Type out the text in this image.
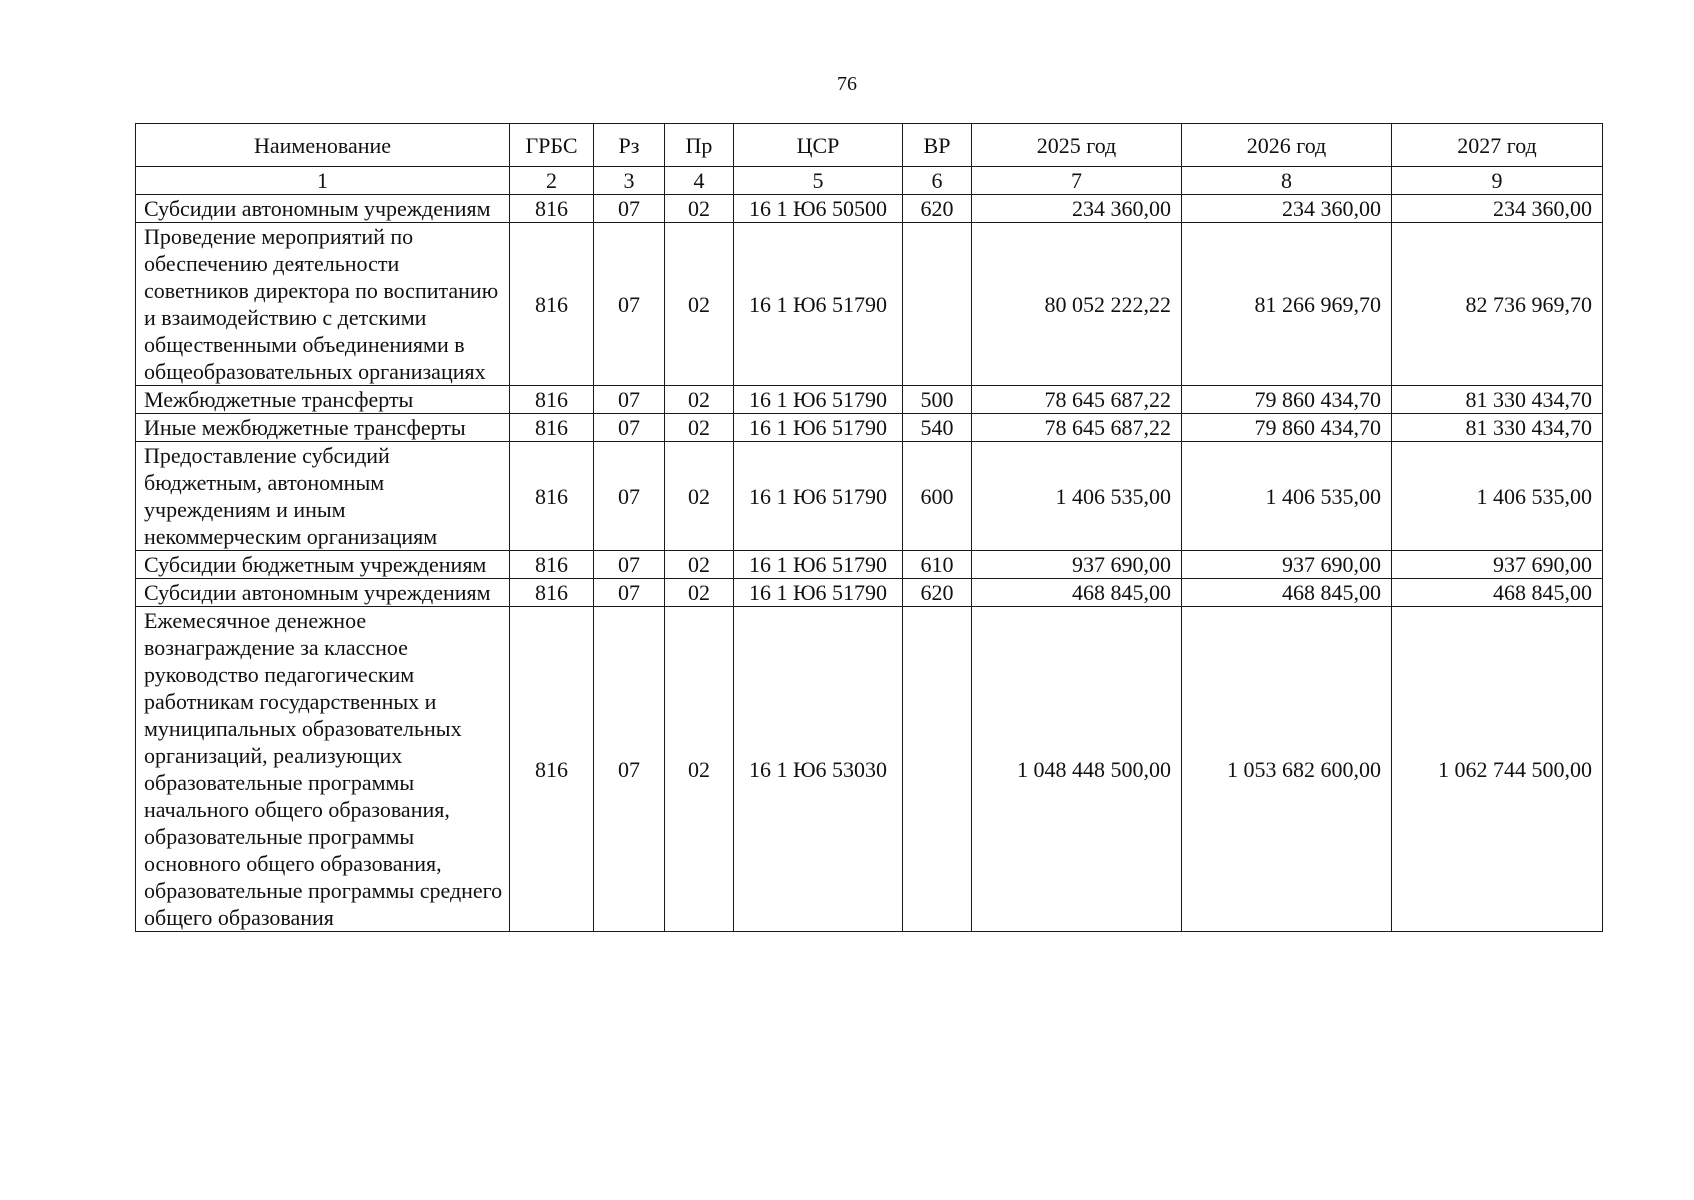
76
Наименование	ГРБС	Рз	Пр	ЦСР	ВР	2025 год	2026 год	2027 год
1	2	3	4	5	6	7	8	9
Субсидии автономным учреждениям	816	07	02	16 1 Ю6 50500	620	234 360,00	234 360,00	234 360,00
Проведение мероприятий по обеспечению деятельности советников директора по воспитанию и взаимодействию с детскими общественными объединениями в общеобразовательных организациях	816	07	02	16 1 Ю6 51790		80 052 222,22	81 266 969,70	82 736 969,70
Межбюджетные трансферты	816	07	02	16 1 Ю6 51790	500	78 645 687,22	79 860 434,70	81 330 434,70
Иные межбюджетные трансферты	816	07	02	16 1 Ю6 51790	540	78 645 687,22	79 860 434,70	81 330 434,70
Предоставление субсидий бюджетным, автономным учреждениям и иным некоммерческим организациям	816	07	02	16 1 Ю6 51790	600	1 406 535,00	1 406 535,00	1 406 535,00
Субсидии бюджетным учреждениям	816	07	02	16 1 Ю6 51790	610	937 690,00	937 690,00	937 690,00
Субсидии автономным учреждениям	816	07	02	16 1 Ю6 51790	620	468 845,00	468 845,00	468 845,00
Ежемесячное денежное вознаграждение за классное руководство педагогическим работникам государственных и муниципальных образовательных организаций, реализующих образовательные программы начального общего образования, образовательные программы основного общего образования, образовательные программы среднего общего образования	816	07	02	16 1 Ю6 53030		1 048 448 500,00	1 053 682 600,00	1 062 744 500,00
